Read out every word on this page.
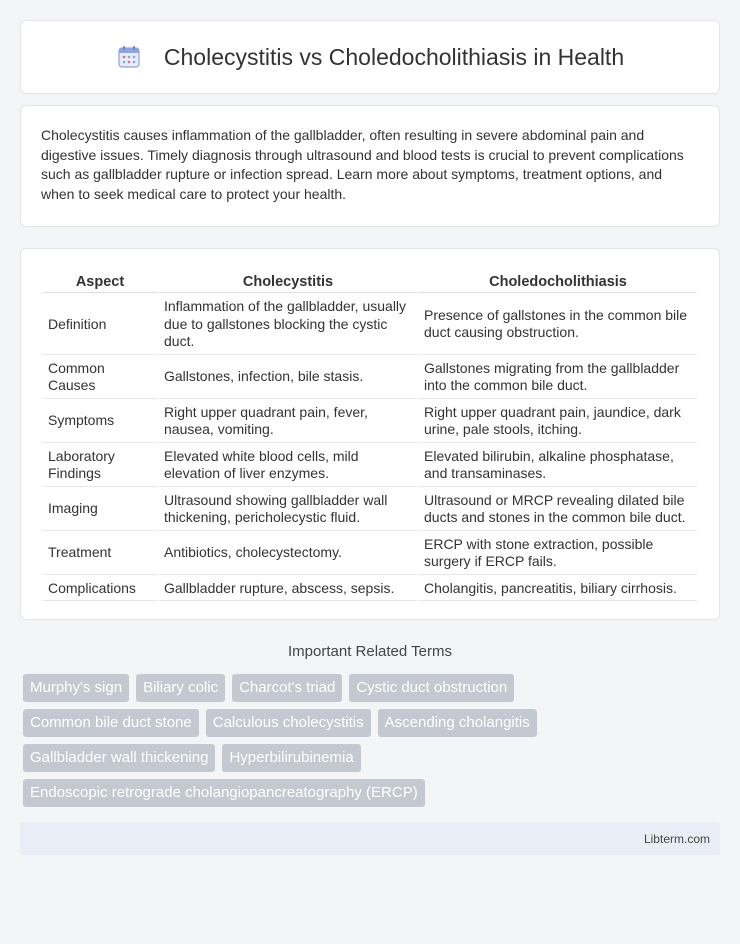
Cholecystitis vs Choledocholithiasis in Health

Cholecystitis causes inflammation of the gallbladder, often resulting in severe abdominal pain and digestive issues. Timely diagnosis through ultrasound and blood tests is crucial to prevent complications such as gallbladder rupture or infection spread. Learn more about symptoms, treatment options, and when to seek medical care to protect your health.

Aspect	Cholecystitis	Choledocholithiasis
Definition	Inflammation of the gallbladder, usually due to gallstones blocking the cystic duct.	Presence of gallstones in the common bile duct causing obstruction.
Common Causes	Gallstones, infection, bile stasis.	Gallstones migrating from the gallbladder into the common bile duct.
Symptoms	Right upper quadrant pain, fever, nausea, vomiting.	Right upper quadrant pain, jaundice, dark urine, pale stools, itching.
Laboratory Findings	Elevated white blood cells, mild elevation of liver enzymes.	Elevated bilirubin, alkaline phosphatase, and transaminases.
Imaging	Ultrasound showing gallbladder wall thickening, pericholecystic fluid.	Ultrasound or MRCP revealing dilated bile ducts and stones in the common bile duct.
Treatment	Antibiotics, cholecystectomy.	ERCP with stone extraction, possible surgery if ERCP fails.
Complications	Gallbladder rupture, abscess, sepsis.	Cholangitis, pancreatitis, biliary cirrhosis.
Important Related Terms
Murphy's sign	Biliary colic	Charcot's triad	Cystic duct obstruction
Common bile duct stone	Calculous cholecystitis	Ascending cholangitis
Gallbladder wall thickening	Hyperbilirubinemia
Endoscopic retrograde cholangiopancreatography (ERCP)
Libterm.com
